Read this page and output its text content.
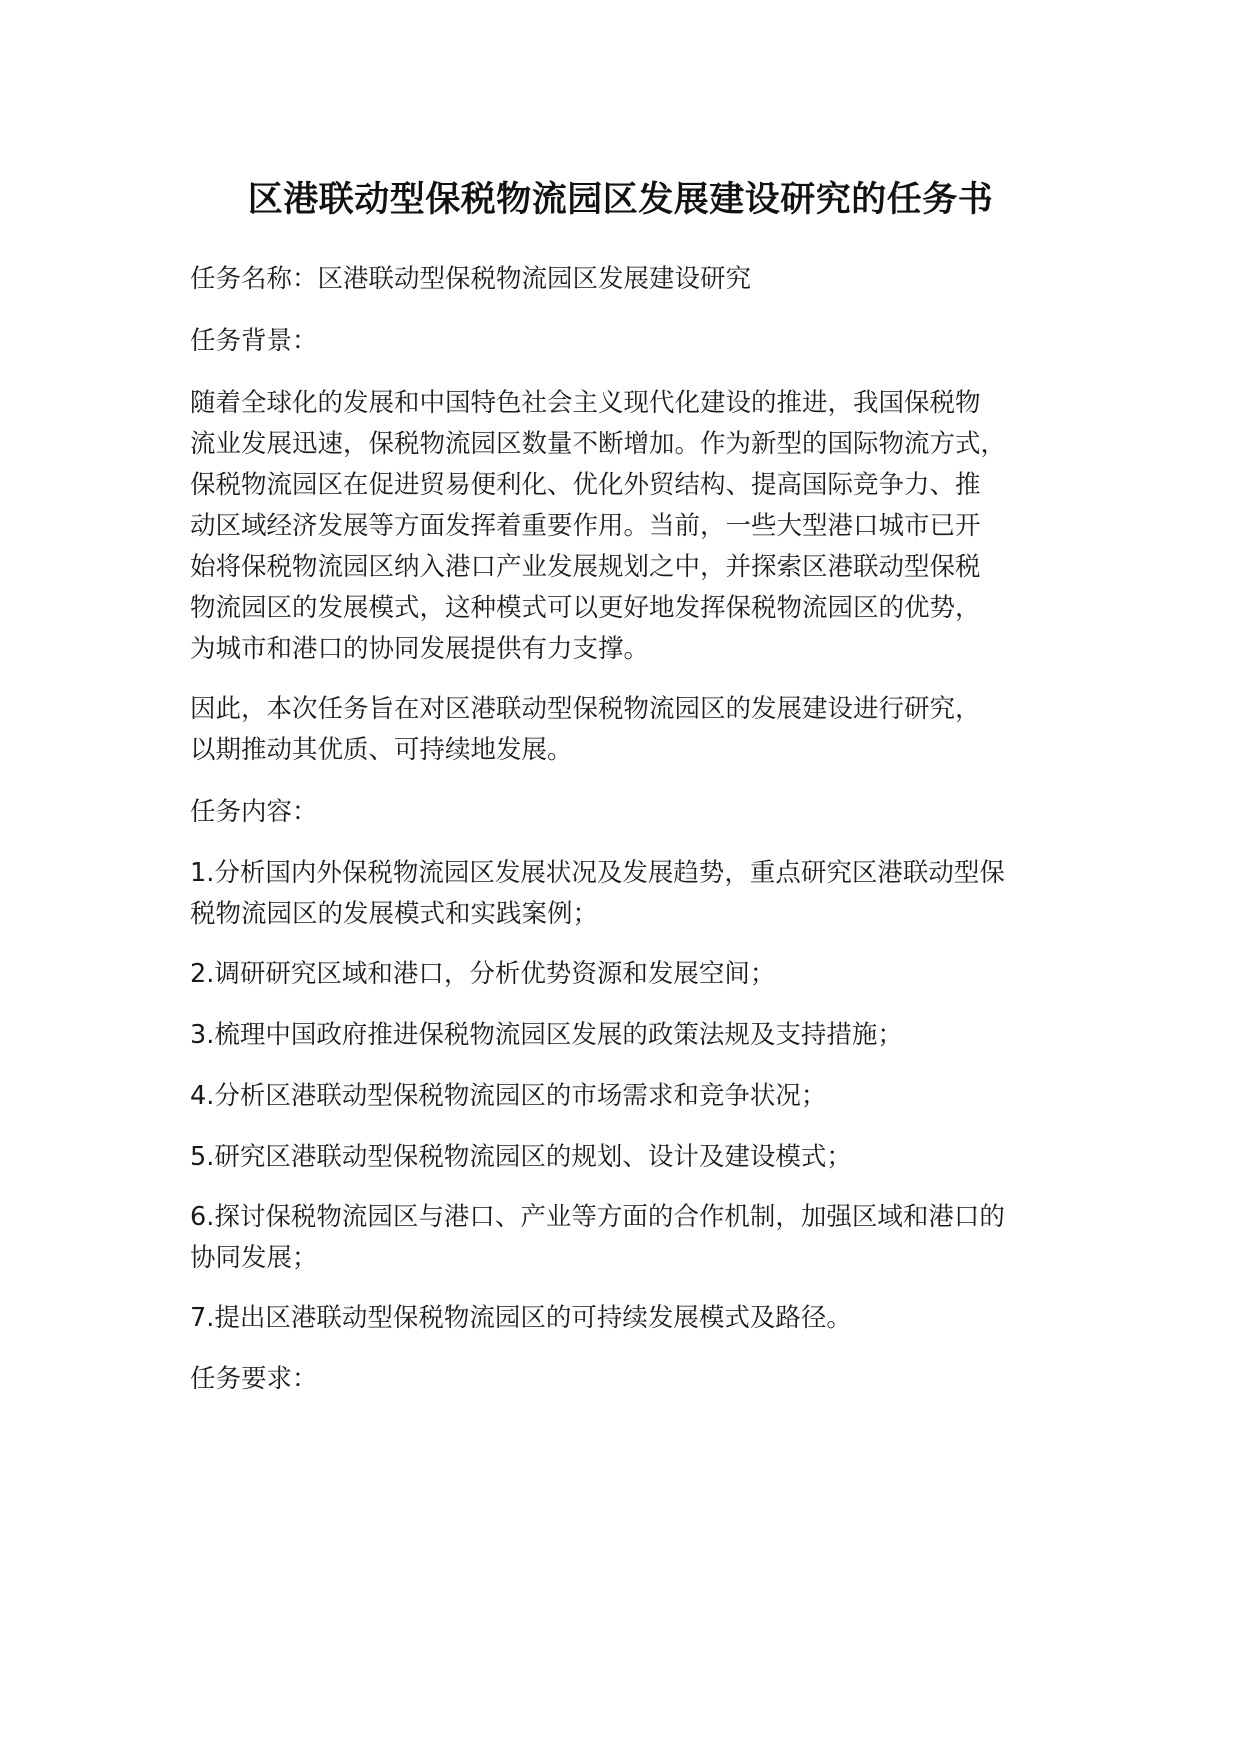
区港联动型保税物流园区发展建设研究的任务书
任务名称：区港联动型保税物流园区发展建设研究
任务背景：
随着全球化的发展和中国特色社会主义现代化建设的推进，我国保税物
流业发展迅速，保税物流园区数量不断增加。作为新型的国际物流方式，
保税物流园区在促进贸易便利化、优化外贸结构、提高国际竞争力、推
动区域经济发展等方面发挥着重要作用。当前，一些大型港口城市已开
始将保税物流园区纳入港口产业发展规划之中，并探索区港联动型保税
物流园区的发展模式，这种模式可以更好地发挥保税物流园区的优势，
为城市和港口的协同发展提供有力支撑。
因此，本次任务旨在对区港联动型保税物流园区的发展建设进行研究，
以期推动其优质、可持续地发展。
任务内容：
1.分析国内外保税物流园区发展状况及发展趋势，重点研究区港联动型保
税物流园区的发展模式和实践案例；
2.调研研究区域和港口，分析优势资源和发展空间；
3.梳理中国政府推进保税物流园区发展的政策法规及支持措施；
4.分析区港联动型保税物流园区的市场需求和竞争状况；
5.研究区港联动型保税物流园区的规划、设计及建设模式；
6.探讨保税物流园区与港口、产业等方面的合作机制，加强区域和港口的
协同发展；
7.提出区港联动型保税物流园区的可持续发展模式及路径。
任务要求：
